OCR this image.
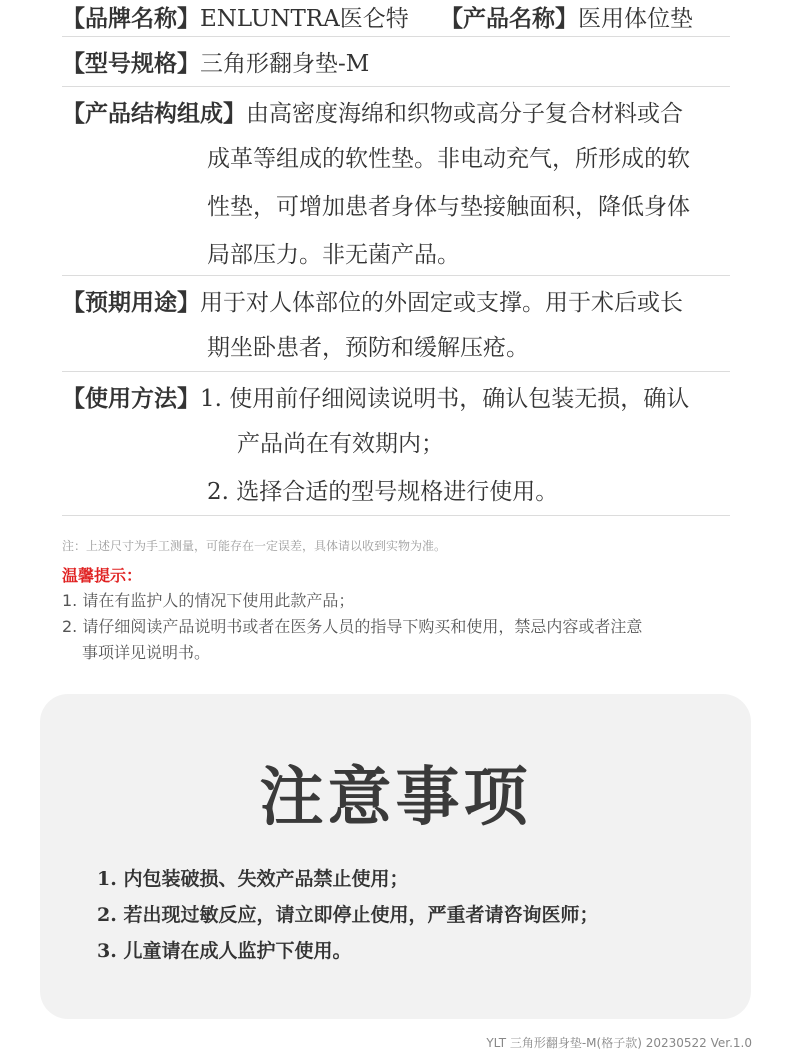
【品牌名称】 ENLUNTRA医仑特	【产品名称】 医用体位垫
【型号规格】 三角形翻身垫-M
【产品结构组成】 由高密度海绵和织物或高分子复合材料或合
成革等组成的软性垫。非电动充气，所形成的软
性垫，可增加患者身体与垫接触面积，降低身体
局部压力。非无菌产品。
【预期用途】 用于对人体部位的外固定或支撑。用于术后或长
期坐卧患者，预防和缓解压疮。
【使用方法】 1. 使用前仔细阅读说明书，确认包装无损，确认
产品尚在有效期内；
2. 选择合适的型号规格进行使用。
注：上述尺寸为手工测量，可能存在一定误差，具体请以收到实物为准。
温馨提示：
1. 请在有监护人的情况下使用此款产品；
2. 请仔细阅读产品说明书或者在医务人员的指导下购买和使用，禁忌内容或者注意
事项详见说明书。
注意事项
1. 内包装破损、失效产品禁止使用；
2. 若出现过敏反应，请立即停止使用，严重者请咨询医师；
3. 儿童请在成人监护下使用。
YLT 三角形翻身垫-M(格子款) 20230522 Ver.1.0
